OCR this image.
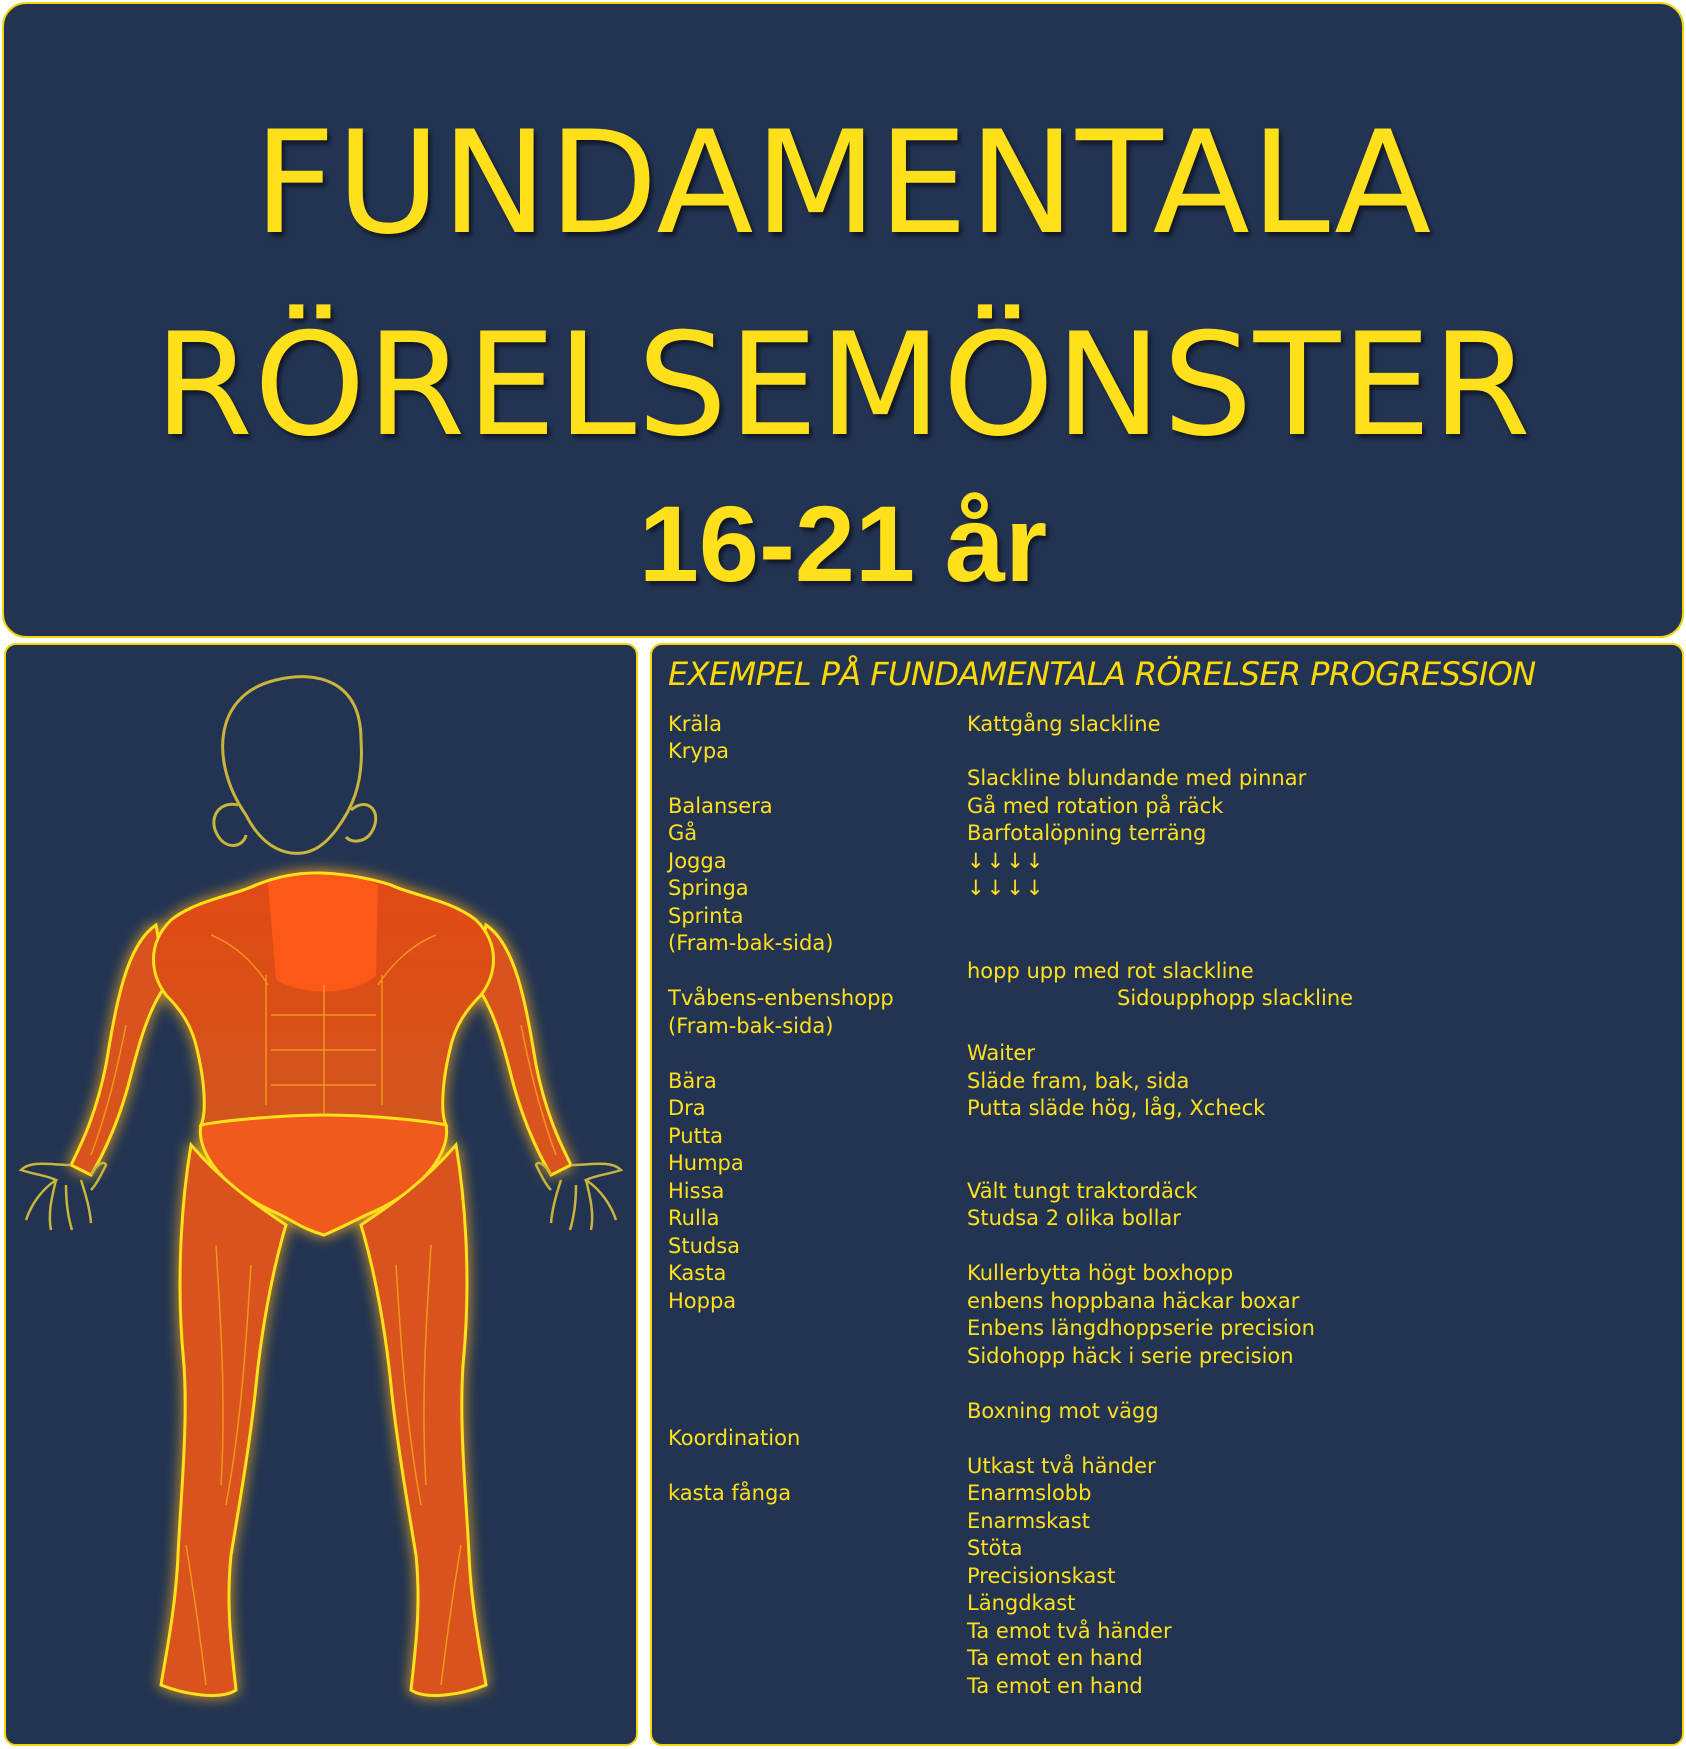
FUNDAMENTALA
RÖRELSEMÖNSTER
16-21 år
EXEMPEL PÅ FUNDAMENTALA RÖRELSER PROGRESSION
Kräla
Krypa
Balansera
Gå
Jogga
Springa
Sprinta
(Fram-bak-sida)
Tvåbens-enbenshopp
(Fram-bak-sida)
Bära
Dra
Putta
Humpa
Hissa
Rulla
Studsa
Kasta
Hoppa
Koordination
kasta fånga
Kattgång slackline
Slackline blundande med pinnar
Gå med rotation på räck
Barfotalöpning terräng
↓↓↓↓
↓↓↓↓
hopp upp med rot slackline
Sidoupphopp slackline
Waiter
Släde fram, bak, sida
Putta släde hög, låg, Xcheck
Vält tungt traktordäck
Studsa 2 olika bollar
Kullerbytta högt boxhopp
enbens hoppbana häckar boxar
Enbens längdhoppserie precision
Sidohopp häck i serie precision
Boxning mot vägg
Utkast två händer
Enarmslobb
Enarmskast
Stöta
Precisionskast
Längdkast
Ta emot två händer
Ta emot en hand
Ta emot en hand
